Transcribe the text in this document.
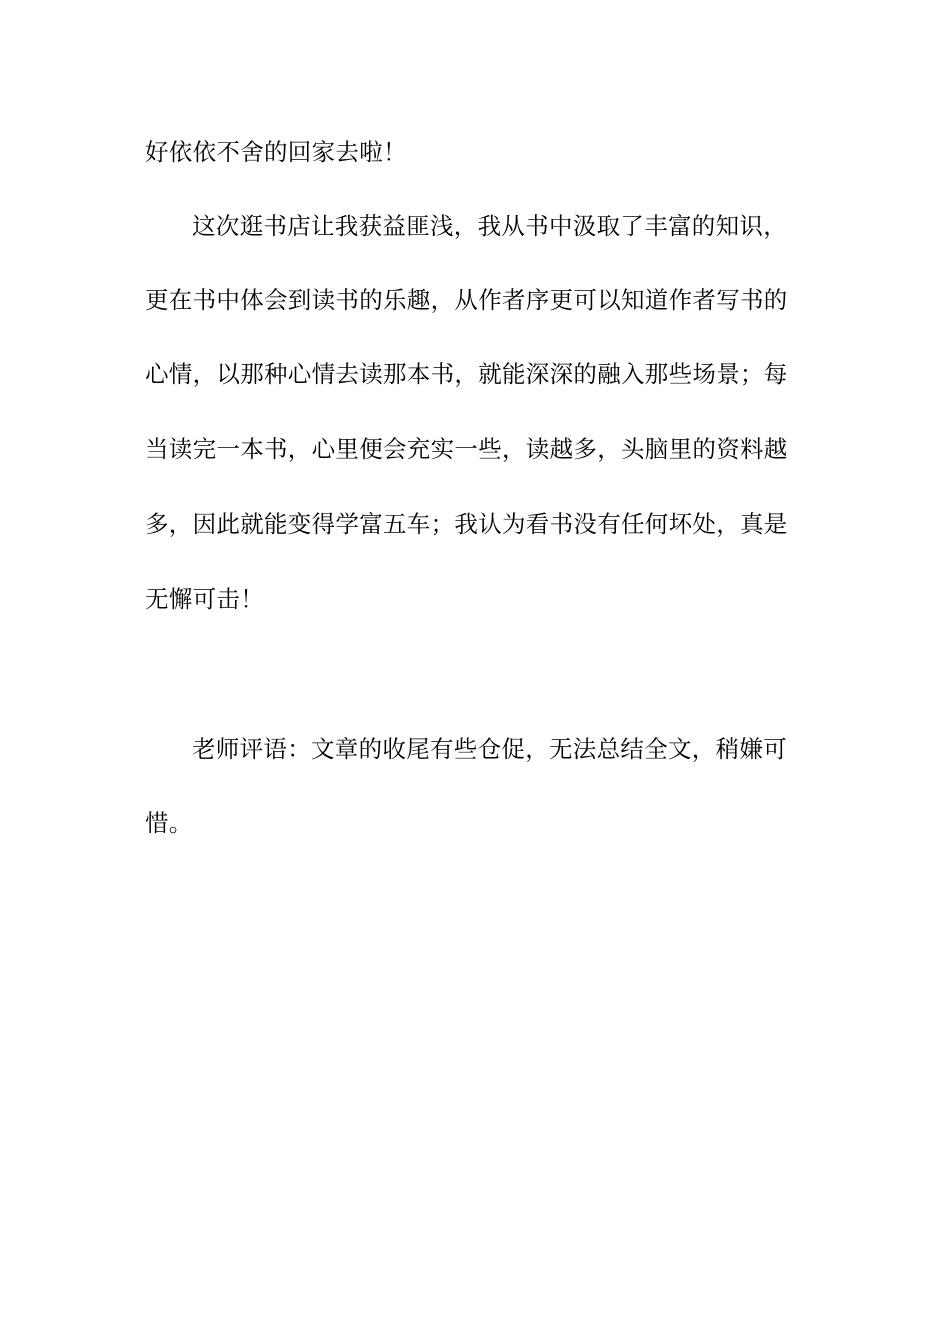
好依依不舍的回家去啦！
这次逛书店让我获益匪浅，我从书中汲取了丰富的知识，
更在书中体会到读书的乐趣，从作者序更可以知道作者写书的
心情，以那种心情去读那本书，就能深深的融入那些场景；每
当读完一本书，心里便会充实一些，读越多，头脑里的资料越
多，因此就能变得学富五车；我认为看书没有任何坏处，真是
无懈可击！
老师评语：文章的收尾有些仓促，无法总结全文，稍嫌可
惜。
